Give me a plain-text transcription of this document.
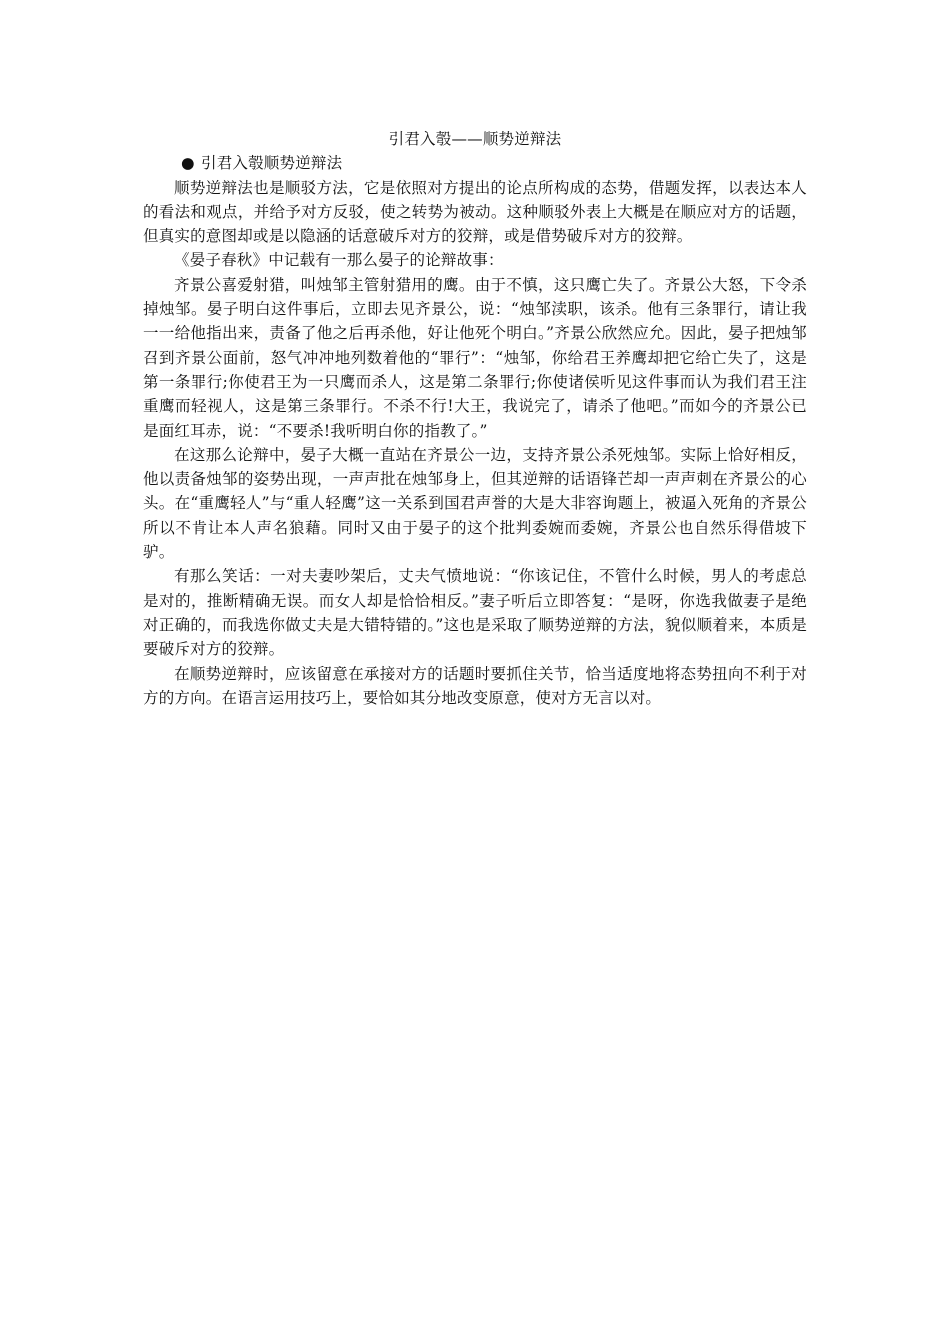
引君入彀——顺势逆辩法

● 引君入彀顺势逆辩法

顺势逆辩法也是顺驳方法，它是依照对方提出的论点所构成的态势，借题发挥，以表达本人的看法和观点，并给予对方反驳，使之转势为被动。这种顺驳外表上大概是在顺应对方的话题，但真实的意图却或是以隐涵的话意破斥对方的狡辩，或是借势破斥对方的狡辩。

《晏子春秋》中记载有一那么晏子的论辩故事：

齐景公喜爱射猎，叫烛邹主管射猎用的鹰。由于不慎，这只鹰亡失了。齐景公大怒，下令杀掉烛邹。晏子明白这件事后，立即去见齐景公，说：“烛邹渎职，该杀。他有三条罪行，请让我一一给他指出来，责备了他之后再杀他，好让他死个明白。”齐景公欣然应允。因此，晏子把烛邹召到齐景公面前，怒气冲冲地列数着他的“罪行”：“烛邹，你给君王养鹰却把它给亡失了，这是第一条罪行;你使君王为一只鹰而杀人，这是第二条罪行;你使诸侯听见这件事而认为我们君王注重鹰而轻视人，这是第三条罪行。不杀不行!大王，我说完了，请杀了他吧。”而如今的齐景公已是面红耳赤，说：“不要杀!我听明白你的指教了。”

在这那么论辩中，晏子大概一直站在齐景公一边，支持齐景公杀死烛邹。实际上恰好相反，他以责备烛邹的姿势出现，一声声批在烛邹身上，但其逆辩的话语锋芒却一声声刺在齐景公的心头。在“重鹰轻人”与“重人轻鹰”这一关系到国君声誉的大是大非容询题上，被逼入死角的齐景公所以不肯让本人声名狼藉。同时又由于晏子的这个批判委婉而委婉，齐景公也自然乐得借坡下驴。

有那么笑话：一对夫妻吵架后，丈夫气愤地说：“你该记住，不管什么时候，男人的考虑总是对的，推断精确无误。而女人却是恰恰相反。”妻子听后立即答复：“是呀，你选我做妻子是绝对正确的，而我选你做丈夫是大错特错的。”这也是采取了顺势逆辩的方法，貌似顺着来，本质是要破斥对方的狡辩。

在顺势逆辩时，应该留意在承接对方的话题时要抓住关节，恰当适度地将态势扭向不利于对方的方向。在语言运用技巧上，要恰如其分地改变原意，使对方无言以对。
